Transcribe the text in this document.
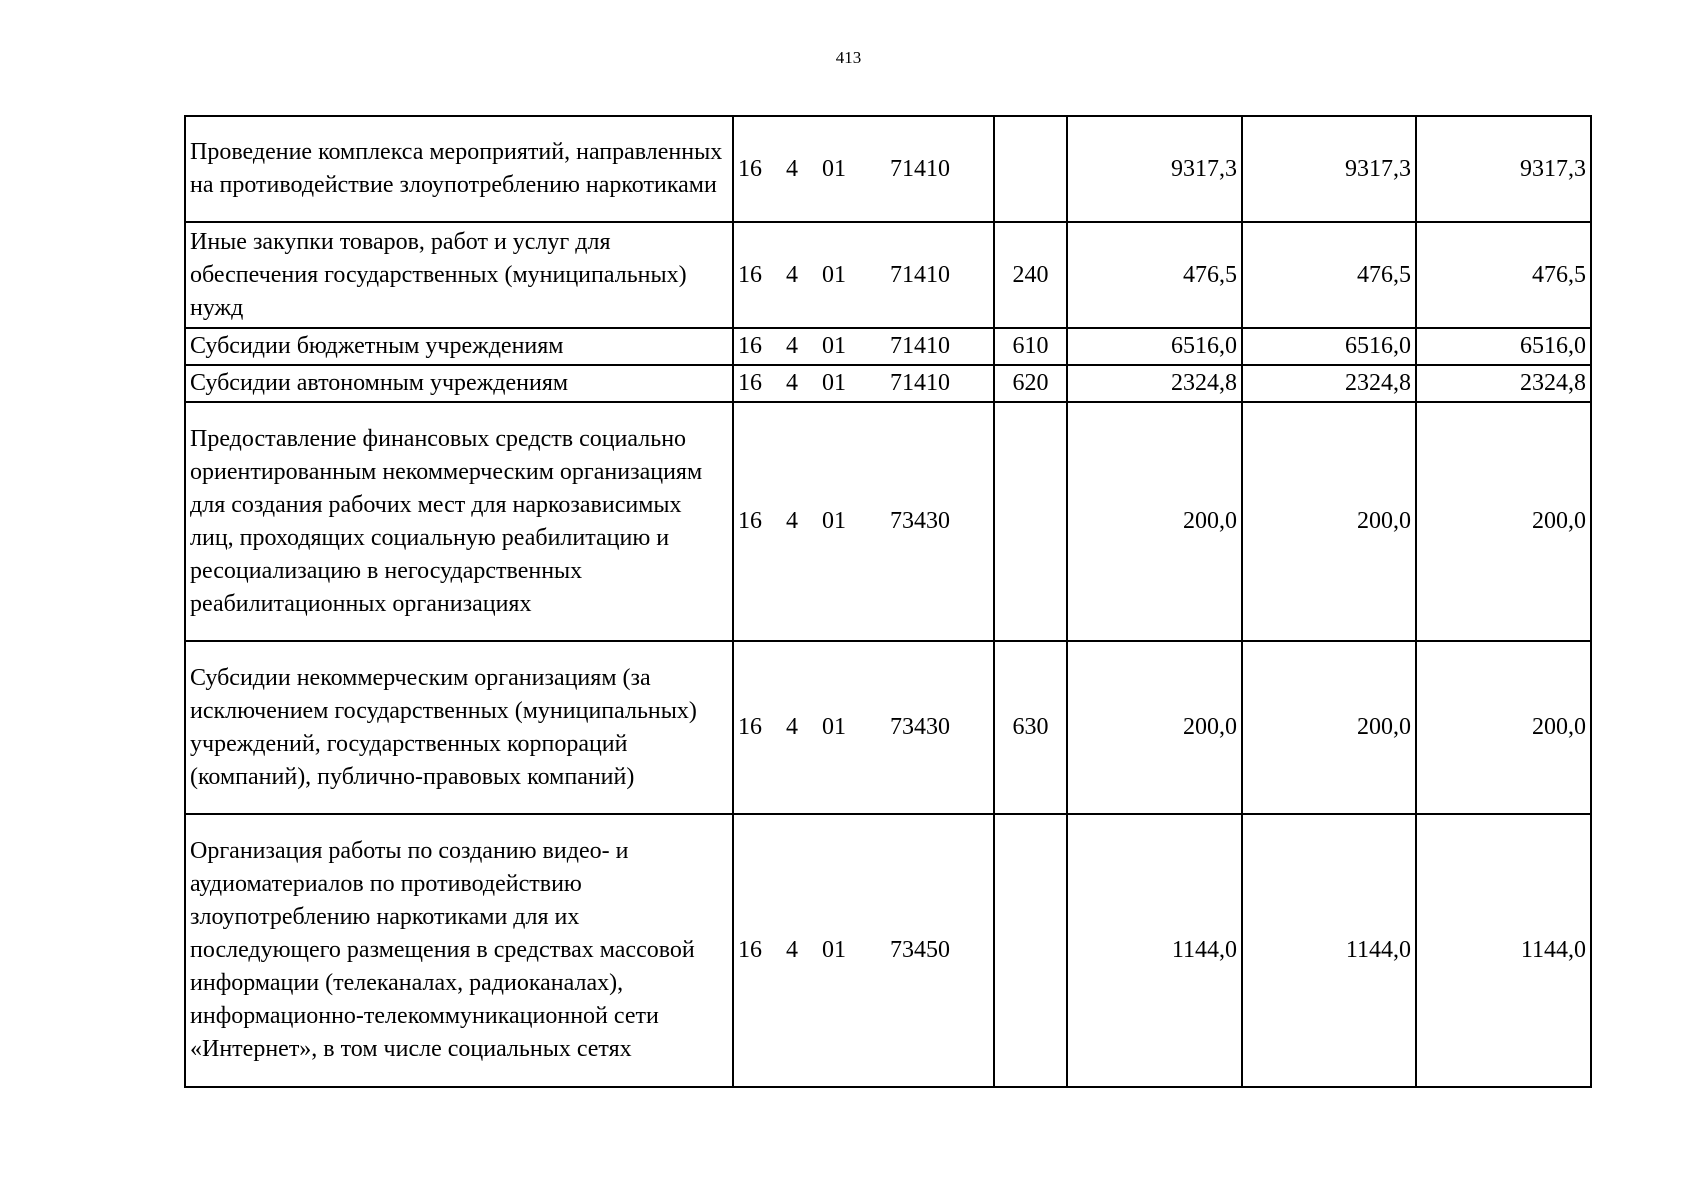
413
Проведение комплекса мероприятий, направленных на противодействие злоупотреблению наркотиками	16 4 01 71410		9317,3	9317,3	9317,3
Иные закупки товаров, работ и услуг для обеспечения государственных (муниципальных) нужд	16 4 01 71410	240	476,5	476,5	476,5
Субсидии бюджетным учреждениям	16 4 01 71410	610	6516,0	6516,0	6516,0
Субсидии автономным учреждениям	16 4 01 71410	620	2324,8	2324,8	2324,8
Предоставление финансовых средств социально ориентированным некоммерческим организациям для создания рабочих мест для наркозависимых лиц, проходящих социальную реабилитацию и ресоциализацию в негосударственных реабилитационных организациях	16 4 01 73430		200,0	200,0	200,0
Субсидии некоммерческим организациям (за исключением государственных (муниципальных) учреждений, государственных корпораций (компаний), публично-правовых компаний)	16 4 01 73430	630	200,0	200,0	200,0
Организация работы по созданию видео- и аудиоматериалов по противодействию злоупотреблению наркотиками для их последующего размещения в средствах массовой информации (телеканалах, радиоканалах), информационно-телекоммуникационной сети «Интернет», в том числе социальных сетях	16 4 01 73450		1144,0	1144,0	1144,0
